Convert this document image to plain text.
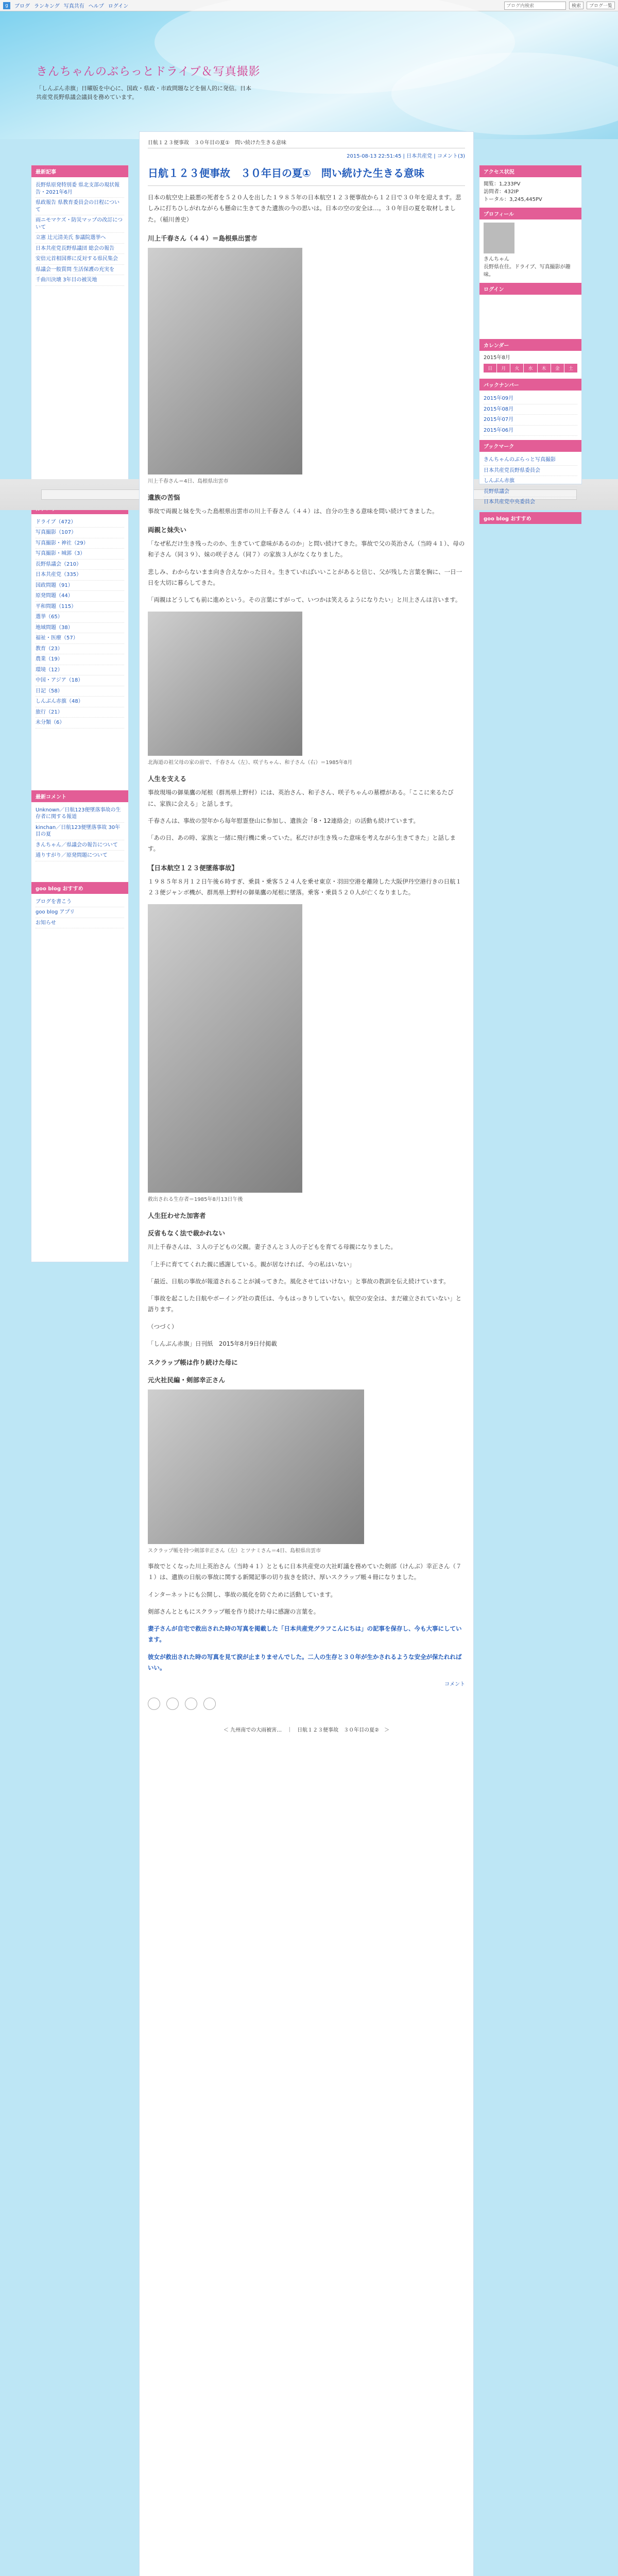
g	ブログ ランキング 写真共有 ヘルプ ログイン
ブログ内検索	検索	ブログ一覧
きんちゃんのぶらっとドライブ＆写真撮影

「しんぶん赤旗」日曜版を中心に、国政・県政・市政問題などを個人的に発信。日本共産党長野県議会議員を務めています。

最新記事
長野県原発特別委 県北支部の現状報告・2021年6月
県政報告 県教育委員会の日程について
雨ニモマケズ・防災マップの改訂について
立憲 辻元清美氏 参議院選挙へ
日本共産党長野県議団 総会の報告
安倍元首相国葬に反対する県民集会
県議会一般質問 生活保護の充実を
千曲川決壊 3年目の被災地
ドライブ（472）
写真撮影（107）
写真撮影・神社（29）
写真撮影・城郭（3）
長野県議会（210）
日本共産党（335）
国政問題（91）
原発問題（44）
平和問題（115）
選挙（65）
地域問題（38）
福祉・医療（57）
教育（23）
農業（19）
環境（12）
中国・アジア（18）
日記（58）
しんぶん赤旗（48）
旅行（21）
未分類（6）
最新コメント
Unknown／日航123便墜落事故の生存者に関する報道
kinchan／日航123便墜落事故 30年目の夏
きんちゃん／県議会の報告について
通りすがり／原発問題について
goo blog おすすめ
ブログを書こう
goo blog アプリ
お知らせ
日航１２３便事故　３０年目の夏①　問い続けた生きる意味
2015-08-13 22:51:45 | 日本共産党 | コメント(3)
日航１２３便事故　３０年目の夏①　問い続けた生きる意味

日本の航空史上最悪の死者を５２０人を出した１９８５年の日本航空１２３便事故から１２日で３０年を迎えます。悲しみに打ちひしがれながらも懸命に生きてきた遺族の今の思いは。日本の空の安全は…。３０年目の夏を取材しました。（稲川善史）

川上千春さん（４４）＝島根県出雲市
川上千春さん＝4日、島根県出雲市
遺族の苦悩

事故で両親と妹を失った島根県出雲市の川上千春さん（４４）は、自分の生きる意味を問い続けてきました。

両親と妹失い

「なぜ私だけ生き残ったのか、生きていて意味があるのか」と問い続けてきた。事故で父の英治さん（当時４１）、母の和子さん（同３９）、妹の咲子さん（同７）の家族３人がなくなりました。

悲しみ、わからないまま向き合えなかった日々。生きていればいいことがあると信じ、父が残した言葉を胸に、一日一日を大切に暮らしてきた。

「両親はどうしても前に進めという。その言葉にすがって、いつかは笑えるようになりたい」と川上さんは言います。

北海道の祖父母の家の前で、千春さん（左）、咲子ちゃん、和子さん（右）＝1985年8月
人生を支える

事故現場の御巣鷹の尾根（群馬県上野村）には、英治さん、和子さん、咲子ちゃんの墓標がある。「ここに来るたびに、家族に会える」と話します。

千春さんは、事故の翌年から毎年慰霊登山に参加し、遺族会「8・12連絡会」の活動も続けています。

「あの日、あの時、家族と一緒に飛行機に乗っていた。私だけが生き残った意味を考えながら生きてきた」と話します。

【日本航空１２３便墜落事故】

１９８５年８月１２日午後６時すぎ、乗員・乗客５２４人を乗せ東京・羽田空港を離陸した大阪伊丹空港行きの日航１２３便ジャンボ機が、群馬県上野村の御巣鷹の尾根に墜落。乗客・乗員５２０人が亡くなりました。

救出される生存者＝1985年8月13日午後
人生狂わせた加害者
反省もなく法で裁かれない

川上千春さんは、３人の子どもの父親。妻子さんと３人の子どもを育てる母親になりました。

「上手に育ててくれた親に感謝している。親が居なければ、今の私はいない」

「最近、日航の事故が報道されることが減ってきた。風化させてはいけない」と事故の教訓を伝え続けています。

「事故を起こした日航やボーイング社の責任は、今もはっきりしていない。航空の安全は、まだ確立されていない」と語ります。

（つづく）

「しんぶん赤旗」日刊紙　2015年8月9日付掲載

スクラップ帳は作り続けた母に
元火社民編・剣部幸正さん
スクラップ帳を持つ剣部幸正さん（左）とツナミさん＝4日、島根県出雲市

事故でとくなった川上英治さん（当時４１）とともに日本共産党の大社町議を務めていた剣部（けんぶ）幸正さん（７１）は、遺族の日航の事故に関する新聞記事の切り抜きを続け、厚いスクラップ帳４冊になりました。

インターネットにも公開し、事故の風化を防ぐために活動しています。

剣部さんとともにスクラップ帳を作り続けた母に感謝の言葉を。

妻子さんが自宅で救出された時の写真を掲載した「日本共産党グラフこんにちは」の記事を保存し、今も大事にしています。

彼女が救出された時の写真を見て涙が止まりませんでした。二人の生存と３０年が生かされるような安全が保たれればいい。

コメント
＜ 九州南での大雨被害…　｜　日航１２３便事故　３０年目の夏②　＞
アクセス状況
閲覧：1,233PV
訪問者：432IP
トータル：3,245,445PV
プロフィール
きんちゃん
長野県在住。ドライブ、写真撮影が趣味。
ログイン
カレンダー
2015年8月
日	月	火	水	木	金	土
バックナンバー
2015年09月
2015年08月
2015年07月
2015年06月
ブックマーク
きんちゃんのぶらっと写真撮影
日本共産党長野県委員会
しんぶん赤旗
長野県議会
日本共産党中央委員会
goo blog おすすめ
